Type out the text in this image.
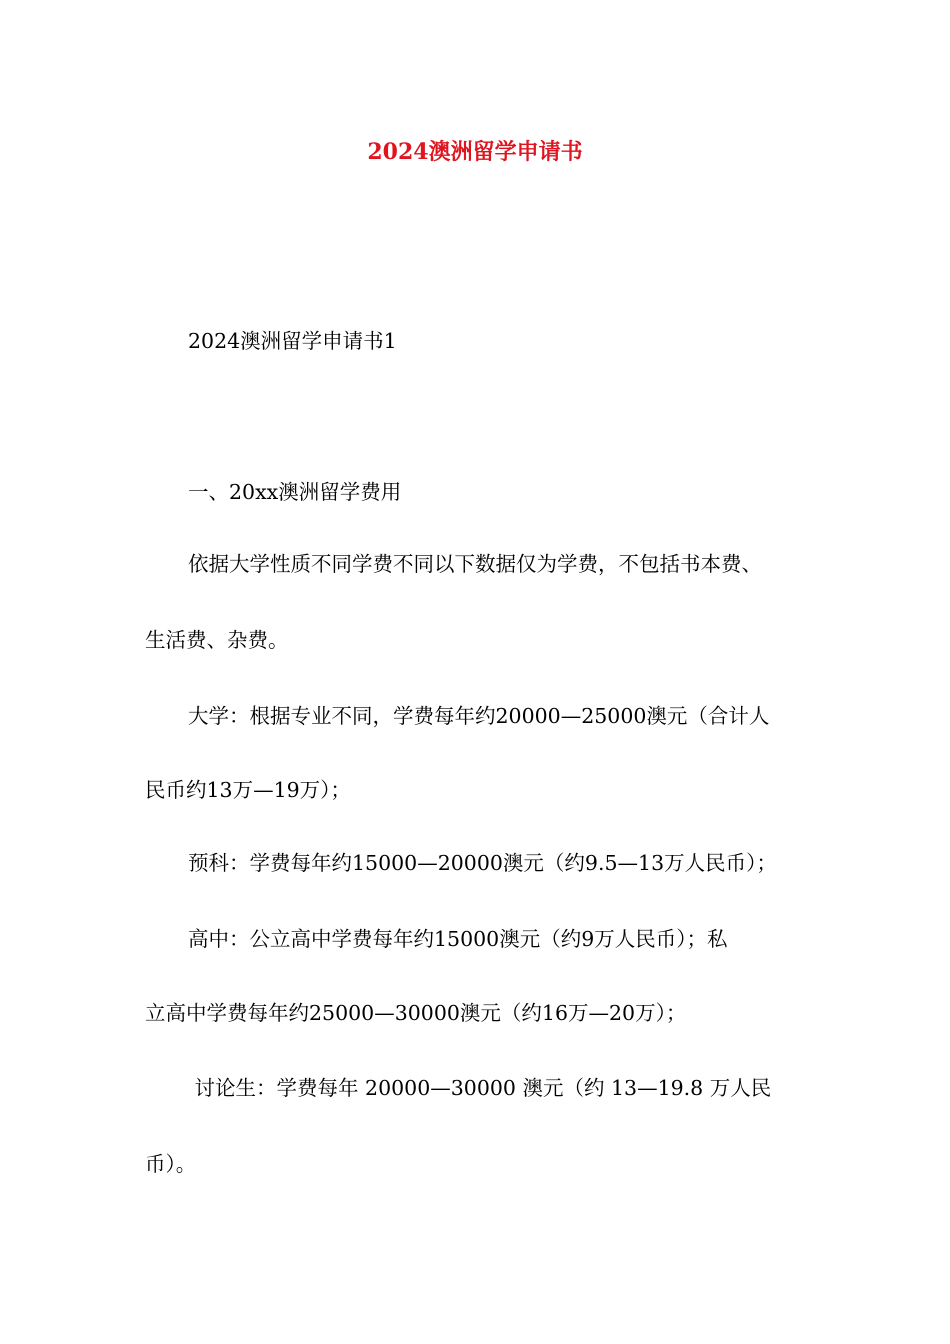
2024澳洲留学申请书
2024澳洲留学申请书1
一、20xx澳洲留学费用
依据大学性质不同学费不同以下数据仅为学费，不包括书本费、
生活费、杂费。
大学：根据专业不同，学费每年约20000—25000澳元（合计人
民币约13万—19万）；
预科：学费每年约15000—20000澳元（约9.5—13万人民币）；
高中：公立高中学费每年约15000澳元（约9万人民币）；私
立高中学费每年约25000—30000澳元（约16万—20万）；
讨论生：学费每年 20000—30000 澳元（约 13—19.8 万人民
币）。
